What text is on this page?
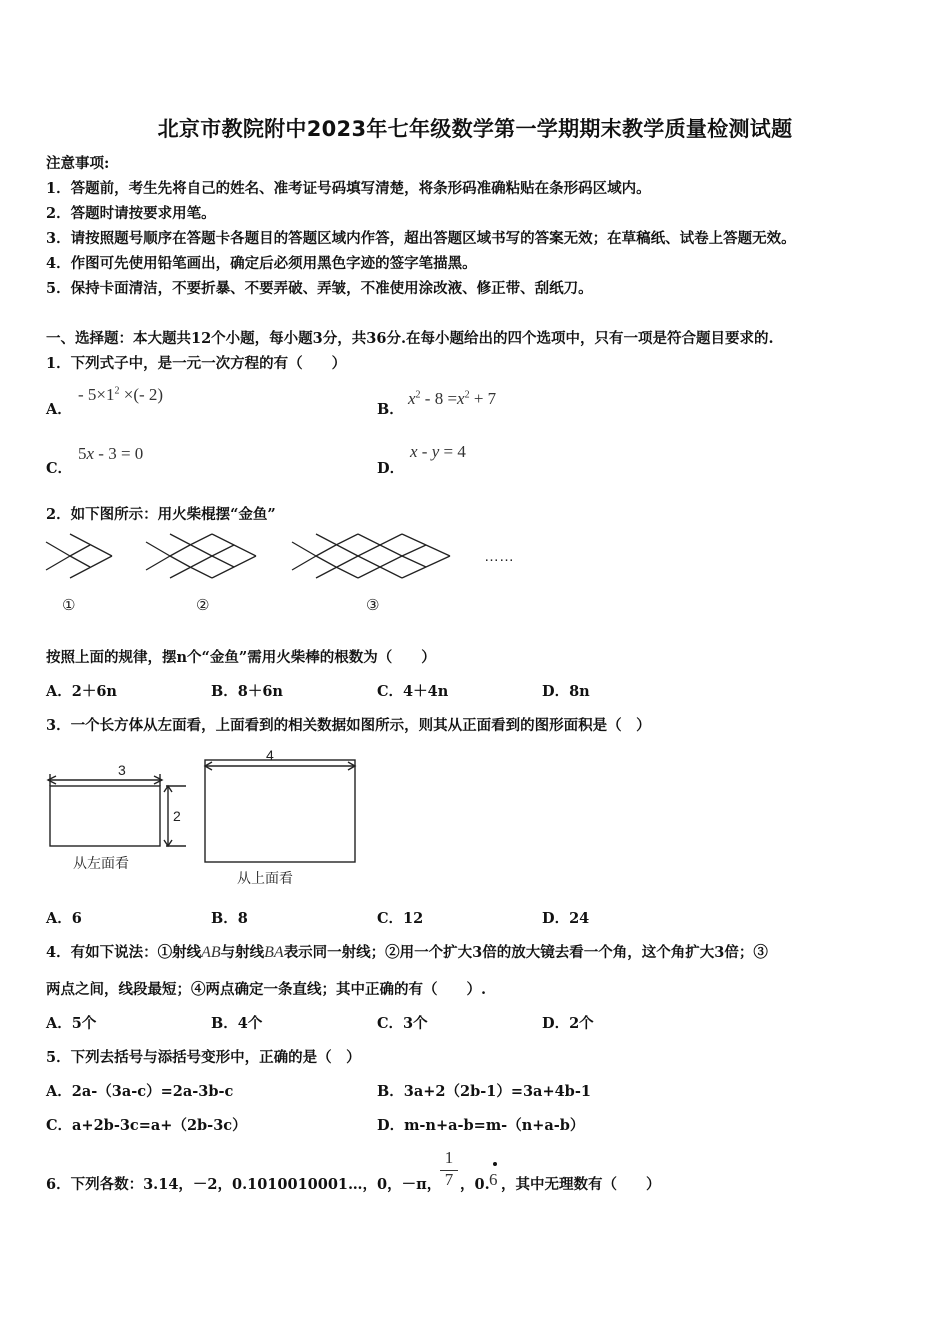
北京市教院附中2023年七年级数学第一学期期末教学质量检测试题
注意事项:
1．答题前，考生先将自己的姓名、准考证号码填写清楚，将条形码准确粘贴在条形码区域内。
2．答题时请按要求用笔。
3．请按照题号顺序在答题卡各题目的答题区域内作答，超出答题区域书写的答案无效；在草稿纸、试卷上答题无效。
4．作图可先使用铅笔画出，确定后必须用黑色字迹的签字笔描黑。
5．保持卡面清洁，不要折暴、不要弄破、弄皱，不准使用涂改液、修正带、刮纸刀。
一、选择题：本大题共12个小题，每小题3分，共36分.在每小题给出的四个选项中，只有一项是符合题目要求的.
1．下列式子中，是一元一次方程的有（　　）
A．
- $5\times 1^2$ ×(- 2)
B．
$x^2 - 8 =x^2 + 7$
C．
5x - 3 = 0
D．
x - y = 4
2．如下图所示：用火柴棍摆“金鱼”
……
①	②	③
按照上面的规律，摆n个“金鱼”需用火柴棒的根数为（　　）
A．2＋6n	B．8＋6n	C．4＋4n	D．8n
3．一个长方体从左面看，上面看到的相关数据如图所示，则其从正面看到的图形面积是（　）
3
2
从左面看
4
从上面看
A．6	B．8	C．12	D．24
4．有如下说法：①射线AB与射线BA表示同一射线；②用一个扩大3倍的放大镜去看一个角，这个角扩大3倍；③
两点之间，线段最短；④两点确定一条直线；其中正确的有（　　）.
A．5个	B．4个	C．3个	D．2个
5．下列去括号与添括号变形中，正确的是（　）
A．2a-（3a-c）=2a-3b-c	B．3a+2（2b-1）=3a+4b-1
C．a+2b-3c=a+（2b-3c）	D．m-n+a-b=m-（n+a-b）
6．下列各数：3.14，－2，0.1010010001…，0，－π，
1
7 ，0. 6 ，其中无理数有（　　）
